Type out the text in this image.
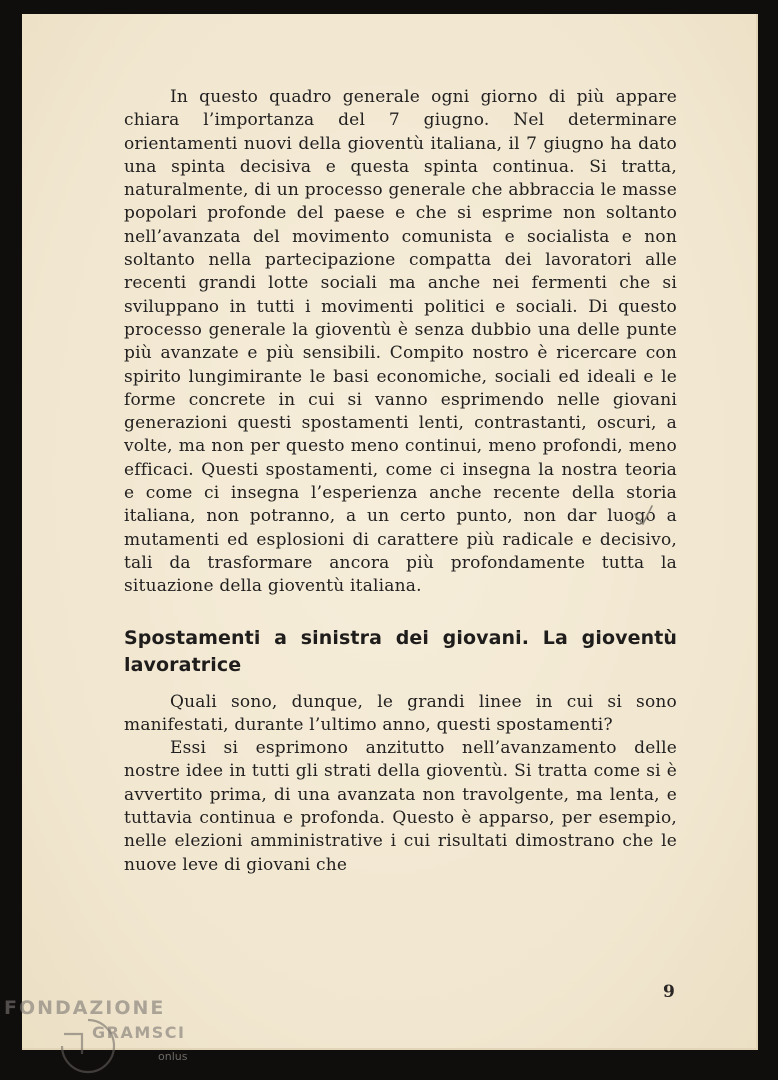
In questo quadro generale ogni giorno di più appare chiara l’importanza del 7 giugno. Nel determinare orientamenti nuovi della gioventù italiana, il 7 giugno ha dato una spinta decisiva e questa spinta continua. Si tratta, naturalmente, di un processo generale che abbraccia le masse popolari profonde del paese e che si esprime non soltanto nell’avanzata del movimento comunista e socialista e non soltanto nella partecipazione compatta dei lavoratori alle recenti grandi lotte sociali ma anche nei fermenti che si sviluppano in tutti i movimenti politici e sociali. Di questo processo generale la gioventù è senza dubbio una delle punte più avanzate e più sensibili. Compito nostro è ricercare con spirito lungimirante le basi economiche, sociali ed ideali e le forme concrete in cui si vanno esprimendo nelle giovani generazioni questi spostamenti lenti, contrastanti, oscuri, a volte, ma non per questo meno continui, meno profondi, meno efficaci. Questi spostamenti, come ci insegna la nostra teoria e come ci insegna l’esperienza anche recente della storia italiana, non potranno, a un certo punto, non dar luogo a mutamenti ed esplosioni di carattere più radicale e decisivo, tali da trasformare ancora più profondamente tutta la situazione della gioventù italiana.

Spostamenti a sinistra dei giovani. La gioventù lavoratrice

Quali sono, dunque, le grandi linee in cui si sono manifestati, durante l’ultimo anno, questi spostamenti?

Essi si esprimono anzitutto nell’avanzamento delle nostre idee in tutti gli strati della gioventù. Si tratta come si è avvertito prima, di una avanzata non travolgente, ma lenta, e tuttavia continua e profonda. Questo è apparso, per esempio, nelle elezioni amministrative i cui risultati dimostrano che le nuove leve di giovani che

9
FONDAZIONE
GRAMSCI
onlus
